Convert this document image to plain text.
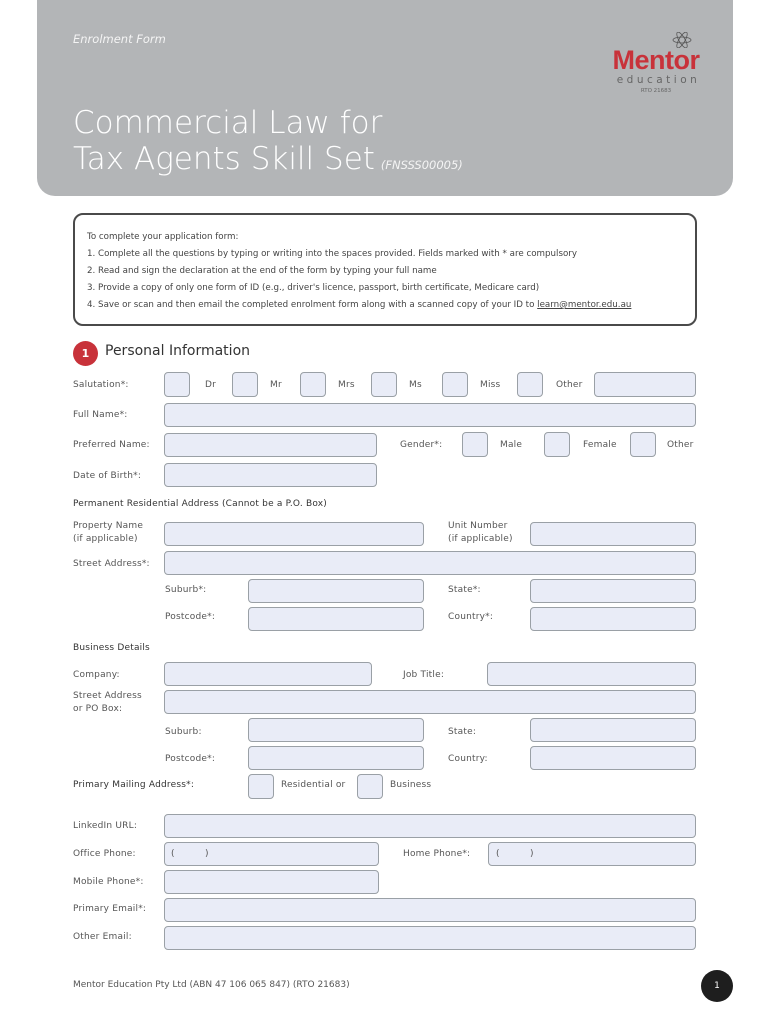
Enrolment Form
Commercial Law for
Tax Agents Skill Set (FNSSS00005)
Mentor
education
RTO 21683
To complete your application form:
1. Complete all the questions by typing or writing into the spaces provided. Fields marked with * are compulsory
2. Read and sign the declaration at the end of the form by typing your full name
3. Provide a copy of only one form of ID (e.g., driver's licence, passport, birth certificate, Medicare card)
4. Save or scan and then email the completed enrolment form along with a scanned copy of your ID to learn@mentor.edu.au
1	Personal Information
Salutation*:	Dr	Mr	Mrs	Ms	Miss	Other
Full Name*:
Preferred Name:	Gender*:	Male	Female	Other
Date of Birth*:
Permanent Residential Address (Cannot be a P.O. Box)
Property Name
(if applicable)
Unit Number
(if applicable)
Street Address*:
Suburb*:	State*:
Postcode*:	Country*:
Business Details
Company:	Job Title:
Street Address
or PO Box:
Suburb:	State:
Postcode*:	Country:
Primary Mailing Address*:	Residential or	Business
LinkedIn URL:
Office Phone:	(	)	Home Phone*:	(	)
Mobile Phone*:
Primary Email*:
Other Email:
Mentor Education Pty Ltd (ABN 47 106 065 847) (RTO 21683)	1
